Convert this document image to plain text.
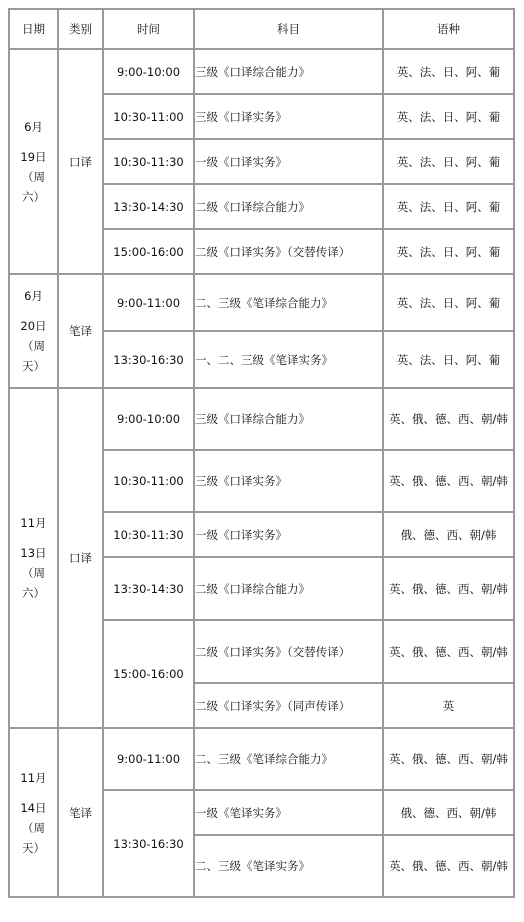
日期	类别	时间	科目	语种
6月
19日
（周
六）	口译	9:00-10:00	三级《口译综合能力》	英、法、日、阿、葡
		10:30-11:00	三级《口译实务》	英、法、日、阿、葡
		10:30-11:30	一级《口译实务》	英、法、日、阿、葡
		13:30-14:30	二级《口译综合能力》	英、法、日、阿、葡
		15:00-16:00	二级《口译实务》（交替传译）	英、法、日、阿、葡
6月
20日
（周
天）	笔译	9:00-11:00	二、三级《笔译综合能力》	英、法、日、阿、葡
		13:30-16:30	一、二、三级《笔译实务》	英、法、日、阿、葡
11月
13日
（周
六）	口译	9:00-10:00	三级《口译综合能力》	英、俄、德、西、朝/韩
		10:30-11:00	三级《口译实务》	英、俄、德、西、朝/韩
		10:30-11:30	一级《口译实务》	俄、德、西、朝/韩
		13:30-14:30	二级《口译综合能力》	英、俄、德、西、朝/韩
		15:00-16:00	二级《口译实务》（交替传译）	英、俄、德、西、朝/韩
			二级《口译实务》（同声传译）	英
11月
14日
（周
天）	笔译	9:00-11:00	二、三级《笔译综合能力》	英、俄、德、西、朝/韩
		13:30-16:30	一级《笔译实务》	俄、德、西、朝/韩
			二、三级《笔译实务》	英、俄、德、西、朝/韩
